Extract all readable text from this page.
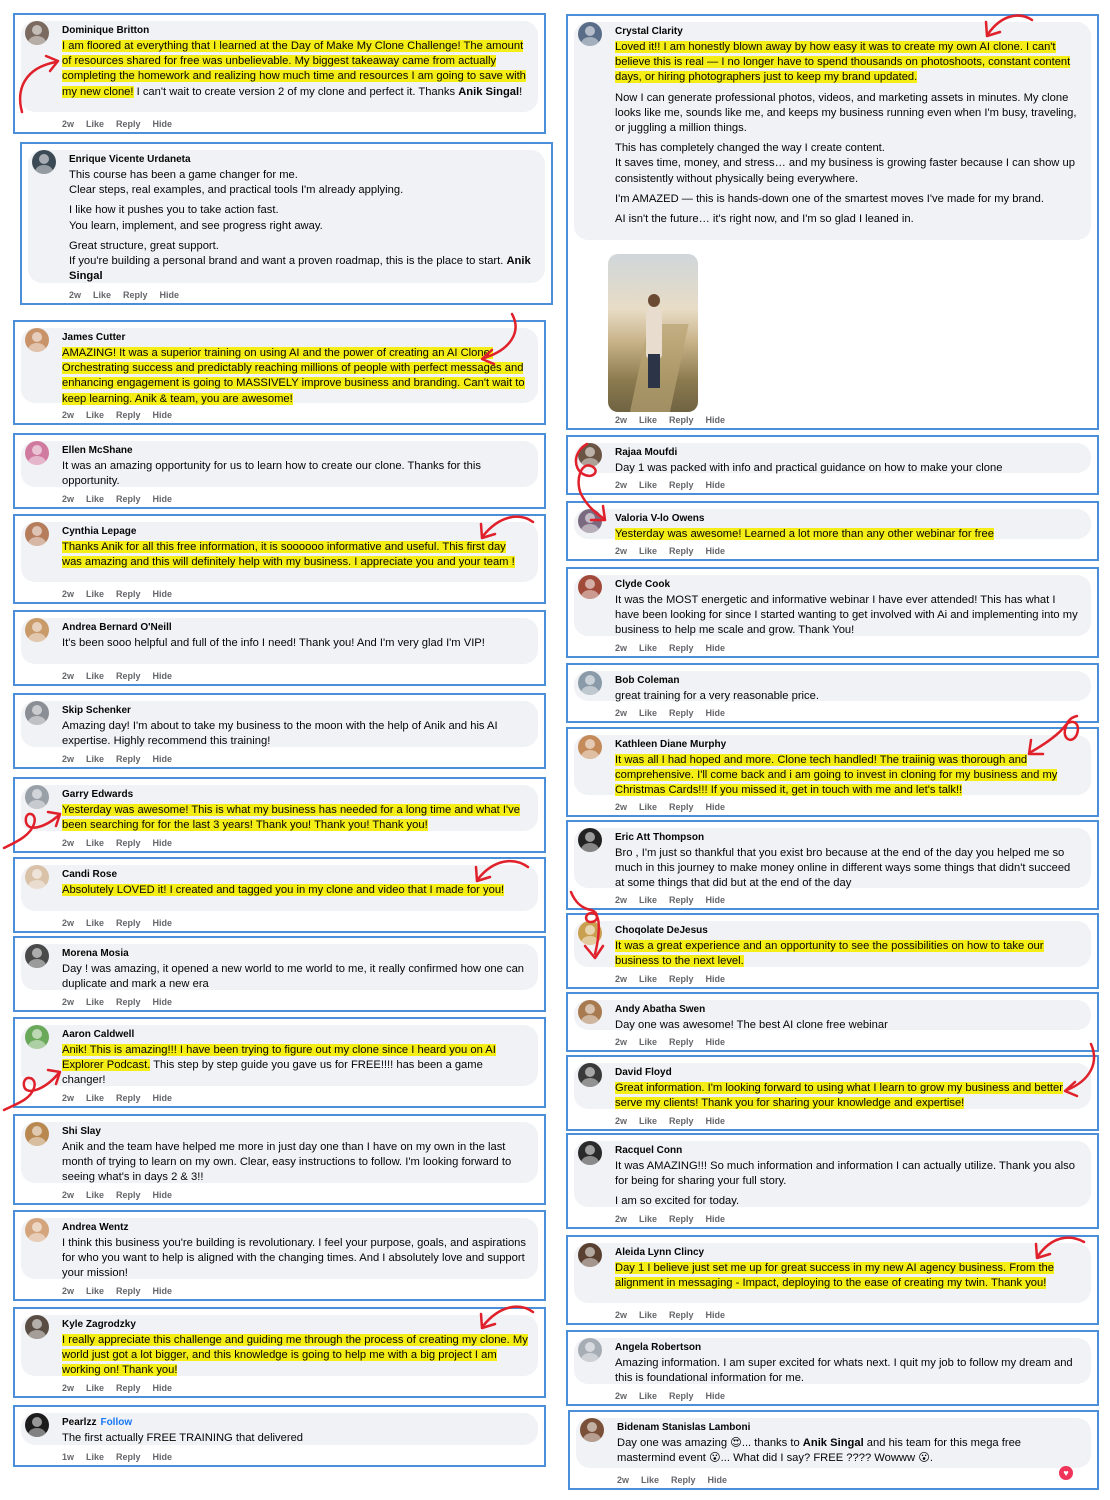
Dominique Britton
I am floored at everything that I learned at the Day of Make My Clone Challenge! The amount of resources shared for free was unbelievable. My biggest takeaway came from actually completing the homework and realizing how much time and resources I am going to save with my new clone! I can't wait to create version 2 of my clone and perfect it. Thanks Anik Singal!
2w Like Reply Hide
Enrique Vicente Urdaneta

This course has been a game changer for me.
Clear steps, real examples, and practical tools I'm already applying.

I like how it pushes you to take action fast.
You learn, implement, and see progress right away.

Great structure, great support.
If you're building a personal brand and want a proven roadmap, this is the place to start. Anik Singal

2w Like Reply Hide
James Cutter
AMAZING! It was a superior training on using AI and the power of creating an AI Clone. Orchestrating success and predictably reaching millions of people with perfect messages and enhancing engagement is going to MASSIVELY improve business and branding. Can't wait to keep learning. Anik & team, you are awesome!
2w Like Reply Hide
Ellen McShane
It was an amazing opportunity for us to learn how to create our clone. Thanks for this opportunity.
2w Like Reply Hide
Cynthia Lepage
Thanks Anik for all this free information, it is soooooo informative and useful. This first day was amazing and this will definitely help with my business. I appreciate you and your team !
2w Like Reply Hide
Andrea Bernard O'Neill
It's been sooo helpful and full of the info I need! Thank you! And I'm very glad I'm VIP!
2w Like Reply Hide
Skip Schenker
Amazing day! I'm about to take my business to the moon with the help of Anik and his AI expertise. Highly recommend this training!
2w Like Reply Hide
Garry Edwards
Yesterday was awesome! This is what my business has needed for a long time and what I've been searching for for the last 3 years! Thank you! Thank you! Thank you!
2w Like Reply Hide
Candi Rose
Absolutely LOVED it! I created and tagged you in my clone and video that I made for you!
2w Like Reply Hide
Morena Mosia
Day ! was amazing, it opened a new world to me world to me, it really confirmed how one can duplicate and mark a new era
2w Like Reply Hide
Aaron Caldwell
Anik! This is amazing!!! I have been trying to figure out my clone since I heard you on AI Explorer Podcast. This step by step guide you gave us for FREE!!!! has been a game changer!
2w Like Reply Hide
Shi Slay
Anik and the team have helped me more in just day one than I have on my own in the last month of trying to learn on my own. Clear, easy instructions to follow. I'm looking forward to seeing what's in days 2 & 3!!
2w Like Reply Hide
Andrea Wentz
I think this business you're building is revolutionary. I feel your purpose, goals, and aspirations for who you want to help is aligned with the changing times. And I absolutely love and support your mission!
2w Like Reply Hide
Kyle Zagrodzky
I really appreciate this challenge and guiding me through the process of creating my clone. My world just got a lot bigger, and this knowledge is going to help me with a big project I am working on! Thank you!
2w Like Reply Hide
Pearlzz Follow
The first actually FREE TRAINING that delivered
1w Like Reply Hide
Crystal Clarity

Loved it!! I am honestly blown away by how easy it was to create my own AI clone. I can't believe this is real — I no longer have to spend thousands on photoshoots, constant content days, or hiring photographers just to keep my brand updated.

Now I can generate professional photos, videos, and marketing assets in minutes. My clone looks like me, sounds like me, and keeps my business running even when I'm busy, traveling, or juggling a million things.

This has completely changed the way I create content.
It saves time, money, and stress… and my business is growing faster because I can show up consistently without physically being everywhere.

I'm AMAZED — this is hands-down one of the smartest moves I've made for my brand.

AI isn't the future… it's right now, and I'm so glad I leaned in.

2w Like Reply Hide
Rajaa Moufdi
Day 1 was packed with info and practical guidance on how to make your clone
2w Like Reply Hide
Valoria V-lo Owens
Yesterday was awesome! Learned a lot more than any other webinar for free
2w Like Reply Hide
Clyde Cook
It was the MOST energetic and informative webinar I have ever attended! This has what I have been looking for since I started wanting to get involved with Ai and implementing into my business to help me scale and grow. Thank You!
2w Like Reply Hide
Bob Coleman
great training for a very reasonable price.
2w Like Reply Hide
Kathleen Diane Murphy
It was all I had hoped and more. Clone tech handled! The traiinig was thorough and comprehensive. I'll come back and i am going to invest in cloning for my business and my Christmas Cards!!! If you missed it, get in touch with me and let's talk!!
2w Like Reply Hide
Eric Att Thompson
Bro , I'm just so thankful that you exist bro because at the end of the day you helped me so much in this journey to make money online in different ways some things that didn't succeed at some things that did but at the end of the day
2w Like Reply Hide
Choqolate DeJesus
It was a great experience and an opportunity to see the possibilities on how to take our business to the next level.
2w Like Reply Hide
Andy Abatha Swen
Day one was awesome! The best AI clone free webinar
2w Like Reply Hide
David Floyd
Great information. I'm looking forward to using what I learn to grow my business and better serve my clients! Thank you for sharing your knowledge and expertise!
2w Like Reply Hide
Racquel Conn

It was AMAZING!!! So much information and information I can actually utilize. Thank you also for being for sharing your full story.

I am so excited for today.

2w Like Reply Hide
Aleida Lynn Clincy
Day 1 I believe just set me up for great success in my new AI agency business. From the alignment in messaging - Impact, deploying to the ease of creating my twin. Thank you!
2w Like Reply Hide
Angela Robertson
Amazing information. I am super excited for whats next. I quit my job to follow my dream and this is foundational information for me.
2w Like Reply Hide
Bidenam Stanislas Lamboni
Day one was amazing 😍... thanks to Anik Singal and his team for this mega free mastermind event 😮... What did I say? FREE ???? Wowww 😮.
♥
2w Like Reply Hide
